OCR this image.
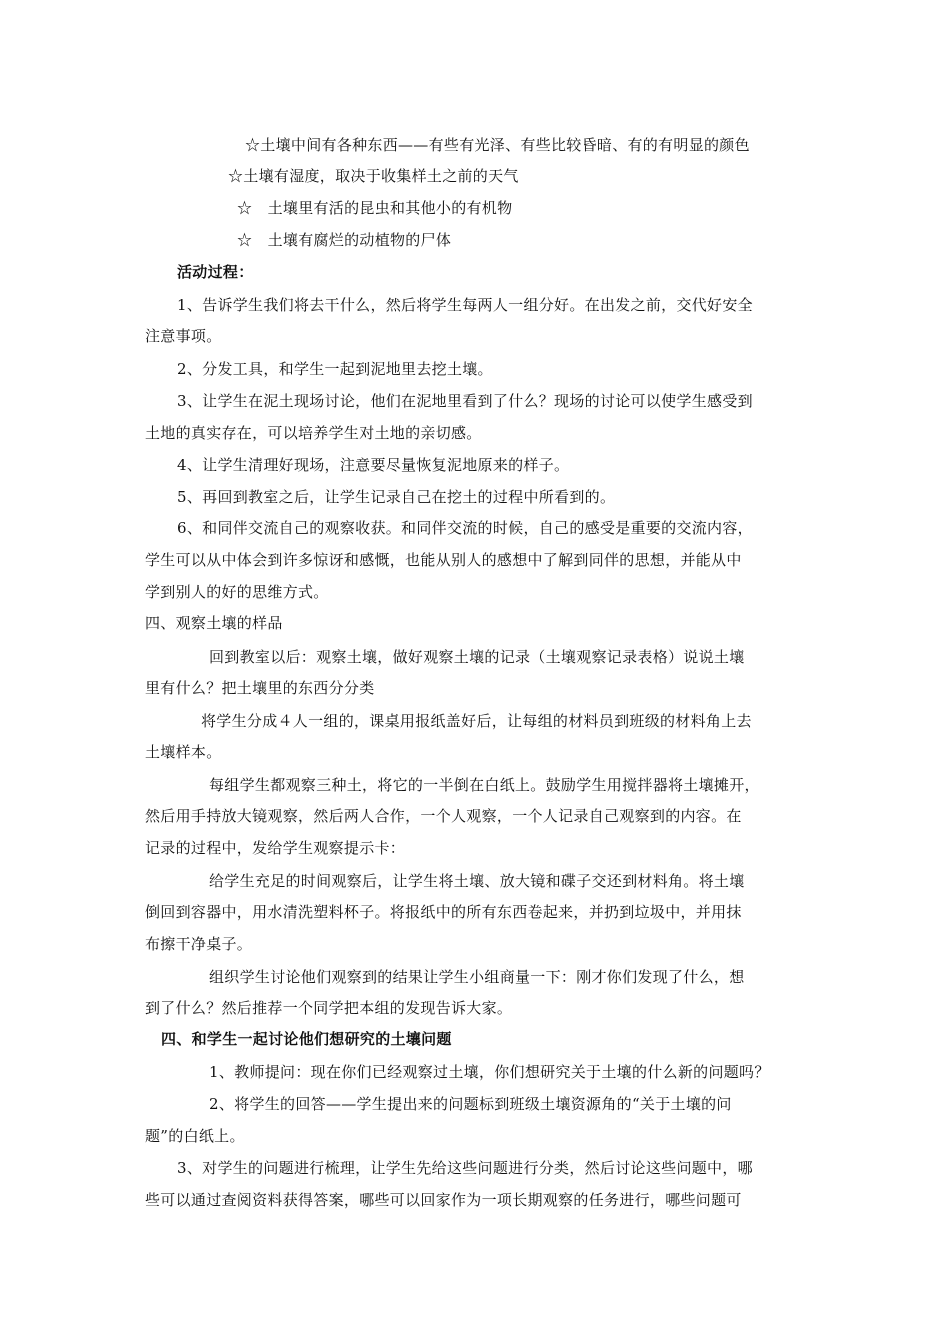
☆土壤中间有各种东西——有些有光泽、有些比较昏暗、有的有明显的颜色
☆土壤有湿度，取决于收集样土之前的天气
☆　土壤里有活的昆虫和其他小的有机物
☆　土壤有腐烂的动植物的尸体
活动过程：
1、告诉学生我们将去干什么，然后将学生每两人一组分好。在出发之前，交代好安全
注意事项。
2、分发工具，和学生一起到泥地里去挖土壤。
3、让学生在泥土现场讨论，他们在泥地里看到了什么？现场的讨论可以使学生感受到
土地的真实存在，可以培养学生对土地的亲切感。
4、让学生清理好现场，注意要尽量恢复泥地原来的样子。
5、再回到教室之后，让学生记录自己在挖土的过程中所看到的。
6、和同伴交流自己的观察收获。和同伴交流的时候，自己的感受是重要的交流内容，
学生可以从中体会到许多惊讶和感慨，也能从别人的感想中了解到同伴的思想，并能从中
学到别人的好的思维方式。
四、观察土壤的样品
回到教室以后：观察土壤，做好观察土壤的记录（土壤观察记录表格）说说土壤
里有什么？把土壤里的东西分分类
将学生分成４人一组的，课桌用报纸盖好后，让每组的材料员到班级的材料角上去
土壤样本。
每组学生都观察三种土，将它的一半倒在白纸上。鼓励学生用搅拌器将土壤摊开，
然后用手持放大镜观察，然后两人合作，一个人观察，一个人记录自己观察到的内容。在
记录的过程中，发给学生观察提示卡：
给学生充足的时间观察后，让学生将土壤、放大镜和碟子交还到材料角。将土壤
倒回到容器中，用水清洗塑料杯子。将报纸中的所有东西卷起来，并扔到垃圾中，并用抹
布擦干净桌子。
组织学生讨论他们观察到的结果让学生小组商量一下：刚才你们发现了什么，想
到了什么？然后推荐一个同学把本组的发现告诉大家。
四、和学生一起讨论他们想研究的土壤问题
1、教师提问：现在你们已经观察过土壤，你们想研究关于土壤的什么新的问题吗？
2、将学生的回答——学生提出来的问题标到班级土壤资源角的“关于土壤的问
题”的白纸上。
3、对学生的问题进行梳理，让学生先给这些问题进行分类，然后讨论这些问题中，哪
些可以通过查阅资料获得答案，哪些可以回家作为一项长期观察的任务进行，哪些问题可
